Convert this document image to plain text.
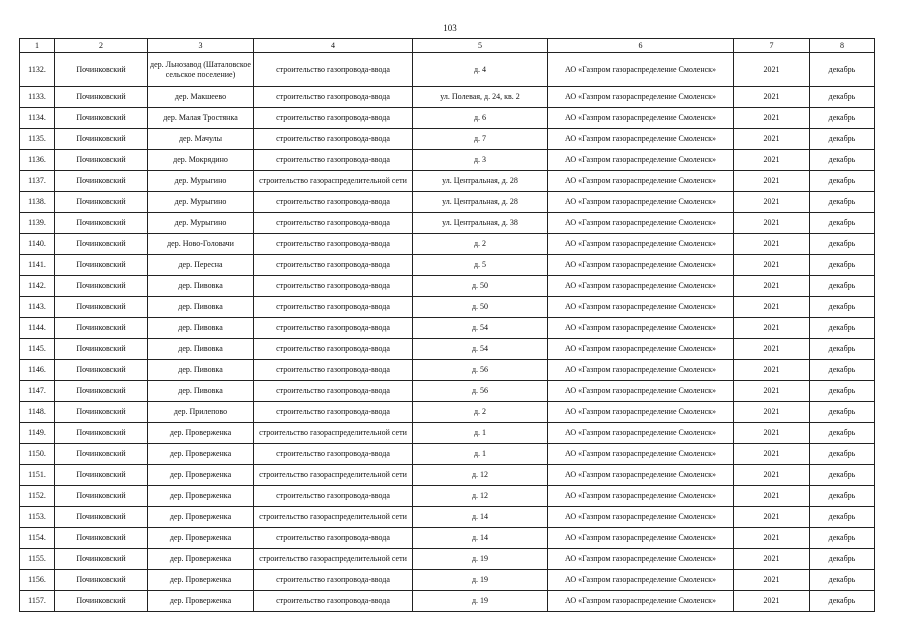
103
1	2	3	4	5	6	7	8
1132.	Починковский	дер. Льнозавод (Шаталовское сельское поселение)	строительство газопровода-ввода	д. 4	АО «Газпром газораспределение Смоленск»	2021	декабрь
1133.	Починковский	дер. Макшеево	строительство газопровода-ввода	ул. Полевая, д. 24, кв. 2	АО «Газпром газораспределение Смоленск»	2021	декабрь
1134.	Починковский	дер. Малая Тростянка	строительство газопровода-ввода	д. 6	АО «Газпром газораспределение Смоленск»	2021	декабрь
1135.	Починковский	дер. Мачулы	строительство газопровода-ввода	д. 7	АО «Газпром газораспределение Смоленск»	2021	декабрь
1136.	Починковский	дер. Мокрядино	строительство газопровода-ввода	д. 3	АО «Газпром газораспределение Смоленск»	2021	декабрь
1137.	Починковский	дер. Мурыгино	строительство газораспределительной сети	ул. Центральная, д. 28	АО «Газпром газораспределение Смоленск»	2021	декабрь
1138.	Починковский	дер. Мурыгино	строительство газопровода-ввода	ул. Центральная, д. 28	АО «Газпром газораспределение Смоленск»	2021	декабрь
1139.	Починковский	дер. Мурыгино	строительство газопровода-ввода	ул. Центральная, д. 38	АО «Газпром газораспределение Смоленск»	2021	декабрь
1140.	Починковский	дер. Ново-Головачи	строительство газопровода-ввода	д. 2	АО «Газпром газораспределение Смоленск»	2021	декабрь
1141.	Починковский	дер. Пересна	строительство газопровода-ввода	д. 5	АО «Газпром газораспределение Смоленск»	2021	декабрь
1142.	Починковский	дер. Пивовка	строительство газопровода-ввода	д. 50	АО «Газпром газораспределение Смоленск»	2021	декабрь
1143.	Починковский	дер. Пивовка	строительство газопровода-ввода	д. 50	АО «Газпром газораспределение Смоленск»	2021	декабрь
1144.	Починковский	дер. Пивовка	строительство газопровода-ввода	д. 54	АО «Газпром газораспределение Смоленск»	2021	декабрь
1145.	Починковский	дер. Пивовка	строительство газопровода-ввода	д. 54	АО «Газпром газораспределение Смоленск»	2021	декабрь
1146.	Починковский	дер. Пивовка	строительство газопровода-ввода	д. 56	АО «Газпром газораспределение Смоленск»	2021	декабрь
1147.	Починковский	дер. Пивовка	строительство газопровода-ввода	д. 56	АО «Газпром газораспределение Смоленск»	2021	декабрь
1148.	Починковский	дер. Прилепово	строительство газопровода-ввода	д. 2	АО «Газпром газораспределение Смоленск»	2021	декабрь
1149.	Починковский	дер. Проверженка	строительство газораспределительной сети	д. 1	АО «Газпром газораспределение Смоленск»	2021	декабрь
1150.	Починковский	дер. Проверженка	строительство газопровода-ввода	д. 1	АО «Газпром газораспределение Смоленск»	2021	декабрь
1151.	Починковский	дер. Проверженка	строительство газораспределительной сети	д. 12	АО «Газпром газораспределение Смоленск»	2021	декабрь
1152.	Починковский	дер. Проверженка	строительство газопровода-ввода	д. 12	АО «Газпром газораспределение Смоленск»	2021	декабрь
1153.	Починковский	дер. Проверженка	строительство газораспределительной сети	д. 14	АО «Газпром газораспределение Смоленск»	2021	декабрь
1154.	Починковский	дер. Проверженка	строительство газопровода-ввода	д. 14	АО «Газпром газораспределение Смоленск»	2021	декабрь
1155.	Починковский	дер. Проверженка	строительство газораспределительной сети	д. 19	АО «Газпром газораспределение Смоленск»	2021	декабрь
1156.	Починковский	дер. Проверженка	строительство газопровода-ввода	д. 19	АО «Газпром газораспределение Смоленск»	2021	декабрь
1157.	Починковский	дер. Проверженка	строительство газопровода-ввода	д. 19	АО «Газпром газораспределение Смоленск»	2021	декабрь
